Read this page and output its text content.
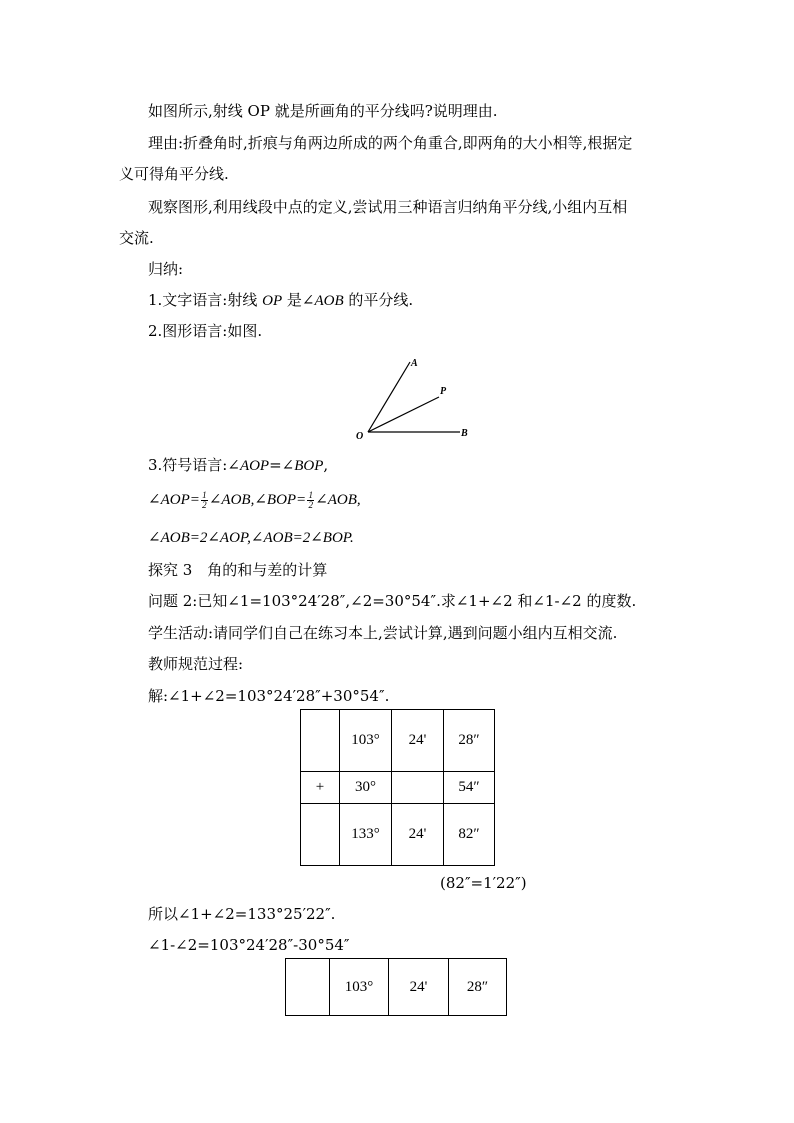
如图所示,射线 OP 就是所画角的平分线吗?说明理由.
理由:折叠角时,折痕与角两边所成的两个角重合,即两角的大小相等,根据定
义可得角平分线.
观察图形,利用线段中点的定义,尝试用三种语言归纳角平分线,小组内互相
交流.
归纳:
1.文字语言:射线 OP 是∠AOB 的平分线.
2.图形语言:如图.
A
P
O	B
3.符号语言:∠AOP=∠BOP,
∠AOP= $\frac{1}{2}$ ∠AOB,∠BOP= $\frac{1}{2}$ ∠AOB,
∠AOB=2∠AOP,∠AOB=2∠BOP.
探究 3　角的和与差的计算
问题 2:已知∠1=103°24′28″,∠2=30°54″.求∠1+∠2 和∠1-∠2 的度数.
学生活动:请同学们自己在练习本上,尝试计算,遇到问题小组内互相交流.
教师规范过程:
解:∠1+∠2=103°24′28″+30°54″.
	103°	24'	28″
+	30°		54″
	133°	24'	82″
(82″=1′22″)
所以∠1+∠2=133°25′22″.
∠1-∠2=103°24′28″-30°54″
	103°	24'	28″
